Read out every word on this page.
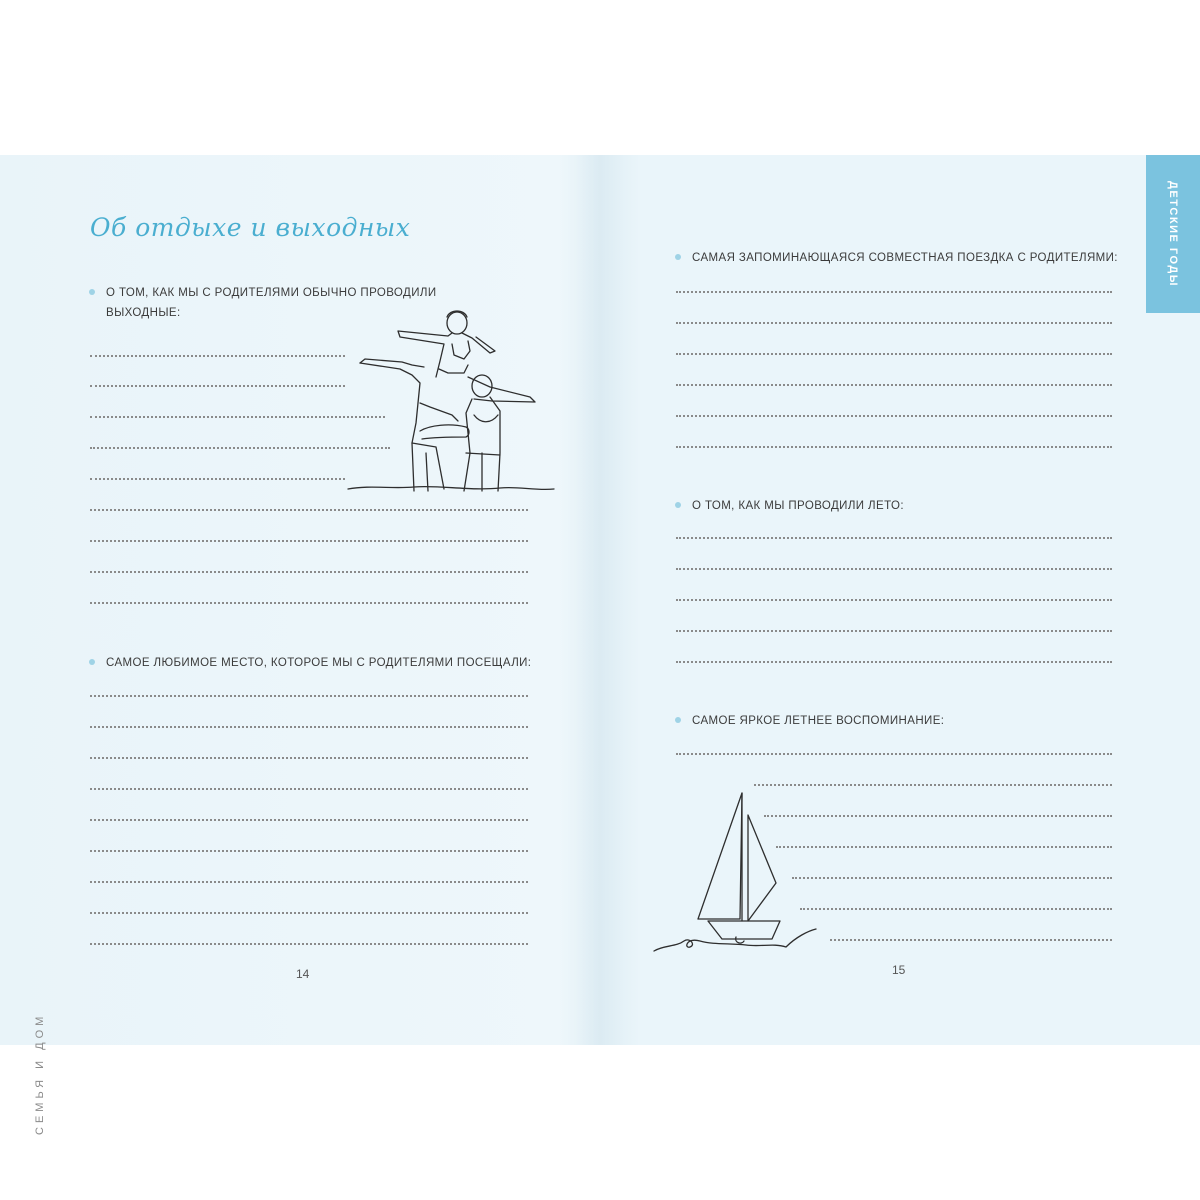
Об отдыхе и выходных
О ТОМ, КАК МЫ С РОДИТЕЛЯМИ ОБЫЧНО ПРОВОДИЛИ ВЫХОДНЫЕ:
САМОЕ ЛЮБИМОЕ МЕСТО, КОТОРОЕ МЫ С РОДИТЕЛЯМИ ПОСЕЩАЛИ:
14
СЕМЬЯ И ДОМ
САМАЯ ЗАПОМИНАЮЩАЯСЯ СОВМЕСТНАЯ ПОЕЗДКА С РОДИТЕЛЯМИ:
О ТОМ, КАК МЫ ПРОВОДИЛИ ЛЕТО:
САМОЕ ЯРКОЕ ЛЕТНЕЕ ВОСПОМИНАНИЕ:
15
ДЕТСКИЕ ГОДЫ
